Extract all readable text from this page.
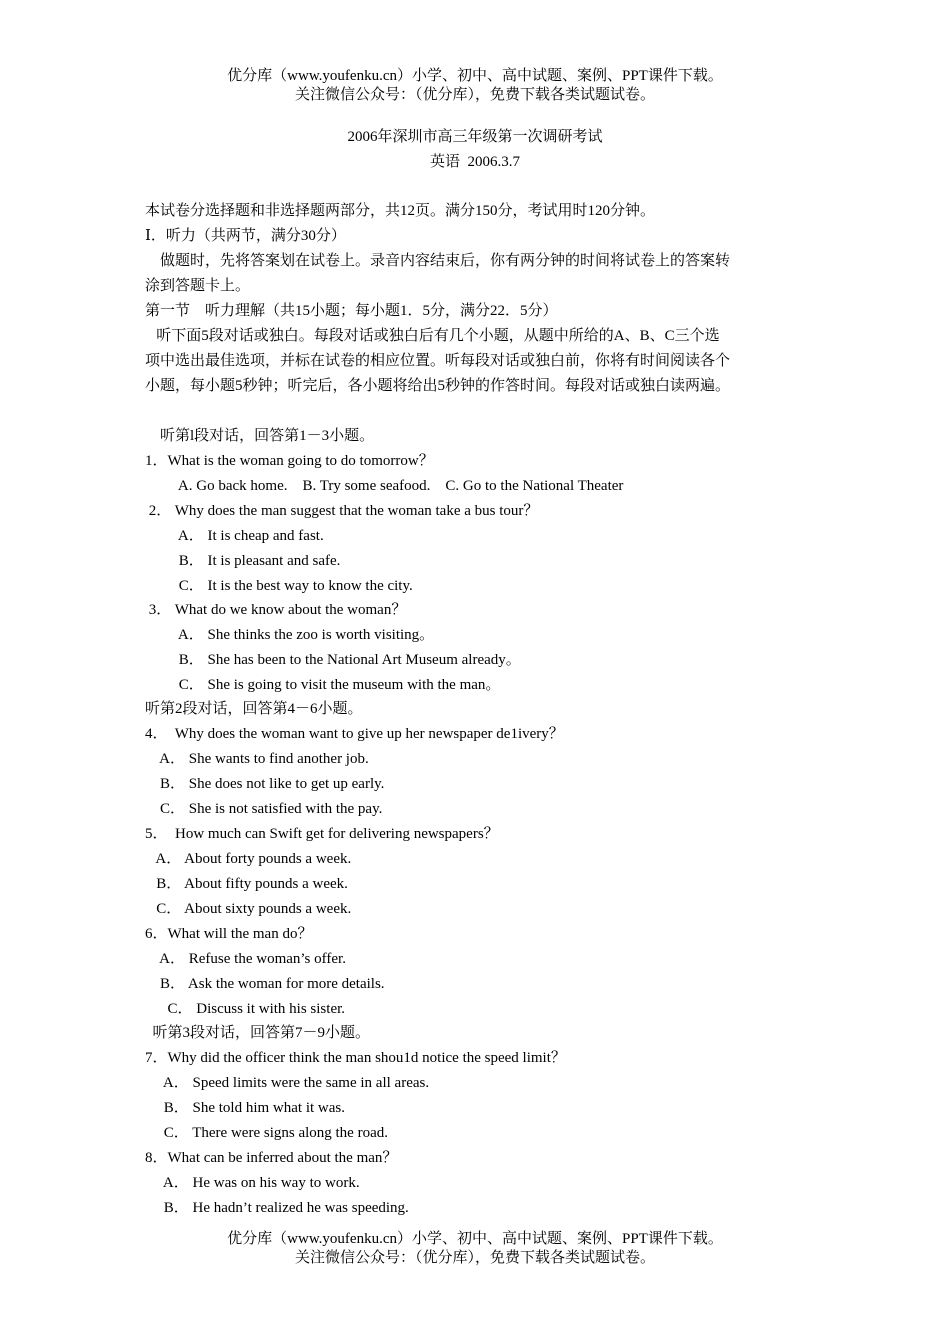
优分库（www.youfenku.cn）小学、初中、高中试题、案例、PPT课件下载。
关注微信公众号：（优分库），免费下载各类试题试卷。
2006年深圳市高三年级第一次调研考试
英语  2006.3.7
本试卷分选择题和非选择题两部分，共12页。满分150分，考试用时120分钟。
Ⅰ．听力（共两节，满分30分）
做题时，先将答案划在试卷上。录音内容结束后，你有两分钟的时间将试卷上的答案转
涂到答题卡上。
第一节    听力理解（共15小题；每小题1．5分，满分22．5分）
听下面5段对话或独白。每段对话或独白后有几个小题，从题中所给的A、B、C三个选
项中选出最佳选项，并标在试卷的相应位置。听每段对话或独白前，你将有时间阅读各个
小题，每小题5秒钟；听完后，各小题将给出5秒钟的作答时间。每段对话或独白读两遍。
听第l段对话，回答第1－3小题。
1．What is the woman going to do tomorrow？
A. Go back home.    B. Try some seafood.    C. Go to the National Theater
2． Why does the man suggest that the woman take a bus tour？
A． It is cheap and fast.
B． It is pleasant and safe.
C． It is the best way to know the city.
3． What do we know about the woman？
A． She thinks the zoo is worth visiting。
B． She has been to the National Art Museum already。
C． She is going to visit the museum with the man。
听第2段对话，回答第4－6小题。
4．  Why does the woman want to give up her newspaper de1ivery？
A． She wants to find another job.
B． She does not like to get up early.
C． She is not satisfied with the pay.
5．  How much can Swift get for delivering newspapers？
A． About forty pounds a week.
B． About fifty pounds a week.
C． About sixty pounds a week.
6．What will the man do？
A． Refuse the woman’s offer.
B． Ask the woman for more details.
C． Discuss it with his sister.
听第3段对话，回答第7－9小题。
7．Why did the officer think the man shou1d notice the speed limit？
A． Speed limits were the same in all areas.
B． She told him what it was.
C． There were signs along the road.
8．What can be inferred about the man？
A． He was on his way to work.
B． He hadn’t realized he was speeding.
优分库（www.youfenku.cn）小学、初中、高中试题、案例、PPT课件下载。
关注微信公众号：（优分库），免费下载各类试题试卷。
